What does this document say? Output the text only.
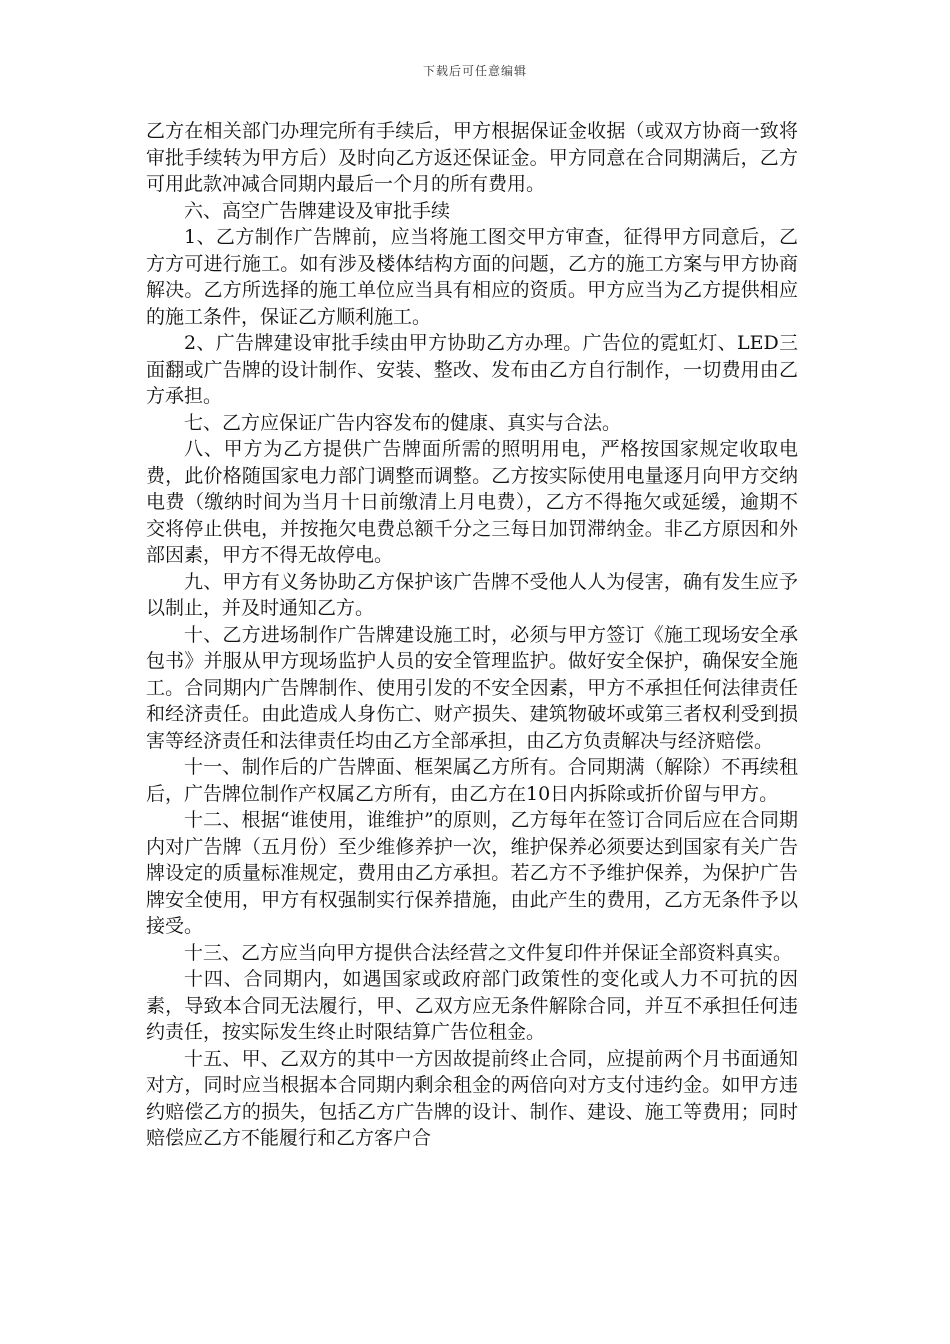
下载后可任意编辑

乙方在相关部门办理完所有手续后，甲方根据保证金收据（或双方协商一致将审批手续转为甲方后）及时向乙方返还保证金。甲方同意在合同期满后，乙方可用此款冲减合同期内最后一个月的所有费用。

六、高空广告牌建设及审批手续

1、乙方制作广告牌前，应当将施工图交甲方审查，征得甲方同意后，乙方方可进行施工。如有涉及楼体结构方面的问题，乙方的施工方案与甲方协商解决。乙方所选择的施工单位应当具有相应的资质。甲方应当为乙方提供相应的施工条件，保证乙方顺利施工。

2、广告牌建设审批手续由甲方协助乙方办理。广告位的霓虹灯、LED三面翻或广告牌的设计制作、安装、整改、发布由乙方自行制作，一切费用由乙方承担。

七、乙方应保证广告内容发布的健康、真实与合法。

八、甲方为乙方提供广告牌面所需的照明用电，严格按国家规定收取电费，此价格随国家电力部门调整而调整。乙方按实际使用电量逐月向甲方交纳电费（缴纳时间为当月十日前缴清上月电费），乙方不得拖欠或延缓，逾期不交将停止供电，并按拖欠电费总额千分之三每日加罚滞纳金。非乙方原因和外部因素，甲方不得无故停电。

九、甲方有义务协助乙方保护该广告牌不受他人人为侵害，确有发生应予以制止，并及时通知乙方。

十、乙方进场制作广告牌建设施工时，必须与甲方签订《施工现场安全承包书》并服从甲方现场监护人员的安全管理监护。做好安全保护，确保安全施工。合同期内广告牌制作、使用引发的不安全因素，甲方不承担任何法律责任和经济责任。由此造成人身伤亡、财产损失、建筑物破坏或第三者权利受到损害等经济责任和法律责任均由乙方全部承担，由乙方负责解决与经济赔偿。

十一、制作后的广告牌面、框架属乙方所有。合同期满（解除）不再续租后，广告牌位制作产权属乙方所有，由乙方在10日内拆除或折价留与甲方。

十二、根据“谁使用，谁维护”的原则，乙方每年在签订合同后应在合同期内对广告牌（五月份）至少维修养护一次，维护保养必须要达到国家有关广告牌设定的质量标准规定，费用由乙方承担。若乙方不予维护保养，为保护广告牌安全使用，甲方有权强制实行保养措施，由此产生的费用，乙方无条件予以接受。

十三、乙方应当向甲方提供合法经营之文件复印件并保证全部资料真实。

十四、合同期内，如遇国家或政府部门政策性的变化或人力不可抗的因素，导致本合同无法履行，甲、乙双方应无条件解除合同，并互不承担任何违约责任，按实际发生终止时限结算广告位租金。

十五、甲、乙双方的其中一方因故提前终止合同，应提前两个月书面通知对方，同时应当根据本合同期内剩余租金的两倍向对方支付违约金。如甲方违约赔偿乙方的损失，包括乙方广告牌的设计、制作、建设、施工等费用；同时赔偿应乙方不能履行和乙方客户合
